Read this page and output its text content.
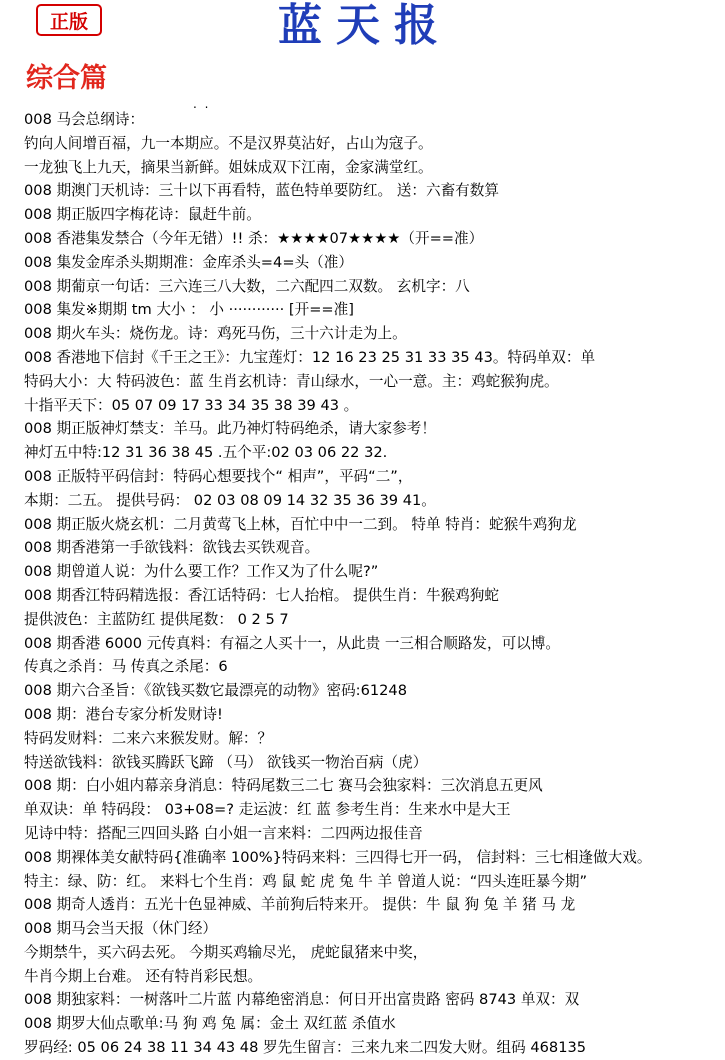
正版	蓝天报
综合篇
. .
008 马会总纲诗：
钓向人间增百福，九一本期应。不是汉界莫沾好，占山为寇子。
一龙独飞上九天，摘果当新鲜。姐妹成双下江南，金家满堂红。
008 期澳门天机诗：三十以下再看特，蓝色特单要防红。 送：六畜有数算
008 期正版四字梅花诗：鼠赶牛前。
008 香港集发禁合（今年无错）!! 杀：★★★★07★★★★（开==准）
008 集发金库杀头期期准：金库杀头=4=头（准）
008 期葡京一句话：三六连三八大数，二六配四二双数。 玄机字：八
008 集发※期期 tm 大小 ： 小 ············ [开==准]
008 期火车头：烧伤龙。诗：鸡死马伤，三十六计走为上。
008 香港地下信封《千王之王》：九宝莲灯：12 16 23 25 31 33 35 43。特码单双：单
特码大小：大 特码波色：蓝 生肖玄机诗：青山绿水，一心一意。主：鸡蛇猴狗虎。
十指平天下：05 07 09 17 33 34 35 38 39 43 。
008 期正版神灯禁支：羊马。此乃神灯特码绝杀，请大家参考！
神灯五中特:12 31 36 38 45 .五个平:02 03 06 22 32.
008 正版特平码信封：特码心想要找个“ 相声”，平码“二”，
本期：二五。 提供号码： 02 03 08 09 14 32 35 36 39 41。
008 期正版火烧玄机：二月黄莺飞上林，百忙中中一二到。 特单 特肖：蛇猴牛鸡狗龙
008 期香港第一手欲钱料：欲钱去买铁观音。
008 期曾道人说：为什么要工作？工作又为了什么呢?”
008 期香江特码精选报：香江话特码：七人抬棺。 提供生肖：牛猴鸡狗蛇
提供波色：主蓝防红 提供尾数： 0 2 5 7
008 期香港 6000 元传真料：有福之人买十一，从此贵 一三相合顺路发，可以博。
传真之杀肖：马 传真之杀尾：6
008 期六合圣旨：《欲钱买数它最漂亮的动物》密码:61248
008 期：港台专家分析发财诗!
特码发财料：二来六来猴发财。解：？
特送欲钱料：欲钱买腾跃飞蹄 （马） 欲钱买一物治百病（虎）
008 期：白小姐内幕亲身消息：特码尾数三二七 赛马会独家料：三次消息五更风
单双诀：单 特码段： 03+08=? 走运波：红 蓝 参考生肖：生来水中是大王
见诗中特：搭配三四回头路 白小姐一言来料：二四两边报佳音
008 期裸体美女献特码{准确率 100%}特码来料：三四得七开一码， 信封料：三七相逢做大戏。
特主：绿、防：红。 来料七个生肖：鸡 鼠 蛇 虎 兔 牛 羊 曾道人说：“四头连旺暴今期”
008 期奇人透肖：五光十色显神威、羊前狗后特来开。 提供：牛 鼠 狗 兔 羊 猪 马 龙
008 期马会当天报（休门经）
今期禁牛，买六码去死。 今期买鸡输尽光， 虎蛇鼠猪来中奖，
牛肖今期上台难。 还有特肖彩民想。
008 期独家料：一树落叶二片蓝 内幕绝密消息：何日开出富贵路 密码 8743 单双：双
008 期罗大仙点歌单:马 狗 鸡 兔 属：金土 双红蓝 杀值水
罗码经: 05 06 24 38 11 34 43 48 罗先生留言：三来九来二四发大财。组码 468135
